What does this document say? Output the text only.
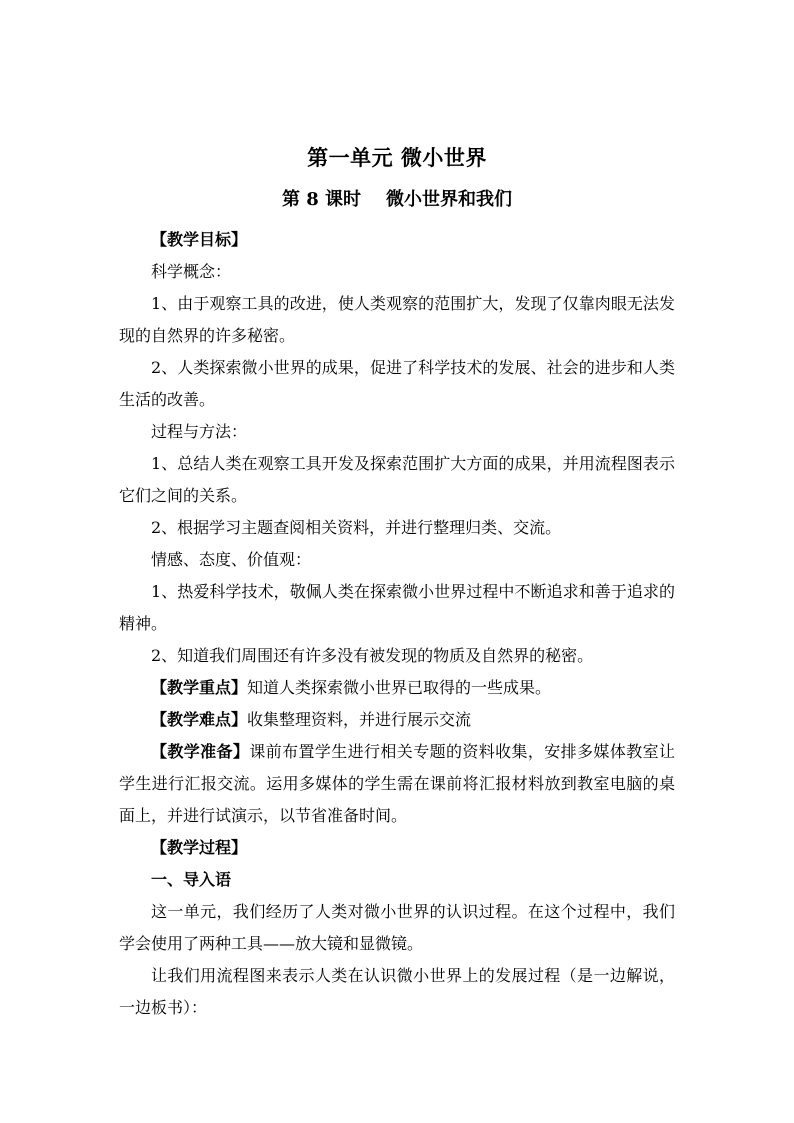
第一单元 微小世界
第 8 课时    微小世界和我们

【教学目标】

科学概念：

1、由于观察工具的改进，使人类观察的范围扩大，发现了仅靠肉眼无法发现的自然界的许多秘密。

2、人类探索微小世界的成果，促进了科学技术的发展、社会的进步和人类生活的改善。

过程与方法：

1、总结人类在观察工具开发及探索范围扩大方面的成果，并用流程图表示它们之间的关系。

2、根据学习主题查阅相关资料，并进行整理归类、交流。

情感、态度、价值观：

1、热爱科学技术，敬佩人类在探索微小世界过程中不断追求和善于追求的精神。

2、知道我们周围还有许多没有被发现的物质及自然界的秘密。

【教学重点】知道人类探索微小世界已取得的一些成果。

【教学难点】收集整理资料，并进行展示交流

【教学准备】课前布置学生进行相关专题的资料收集，安排多媒体教室让学生进行汇报交流。运用多媒体的学生需在课前将汇报材料放到教室电脑的桌面上，并进行试演示，以节省准备时间。

【教学过程】

一、导入语

这一单元，我们经历了人类对微小世界的认识过程。在这个过程中，我们学会使用了两种工具——放大镜和显微镜。

让我们用流程图来表示人类在认识微小世界上的发展过程（是一边解说，一边板书）：
